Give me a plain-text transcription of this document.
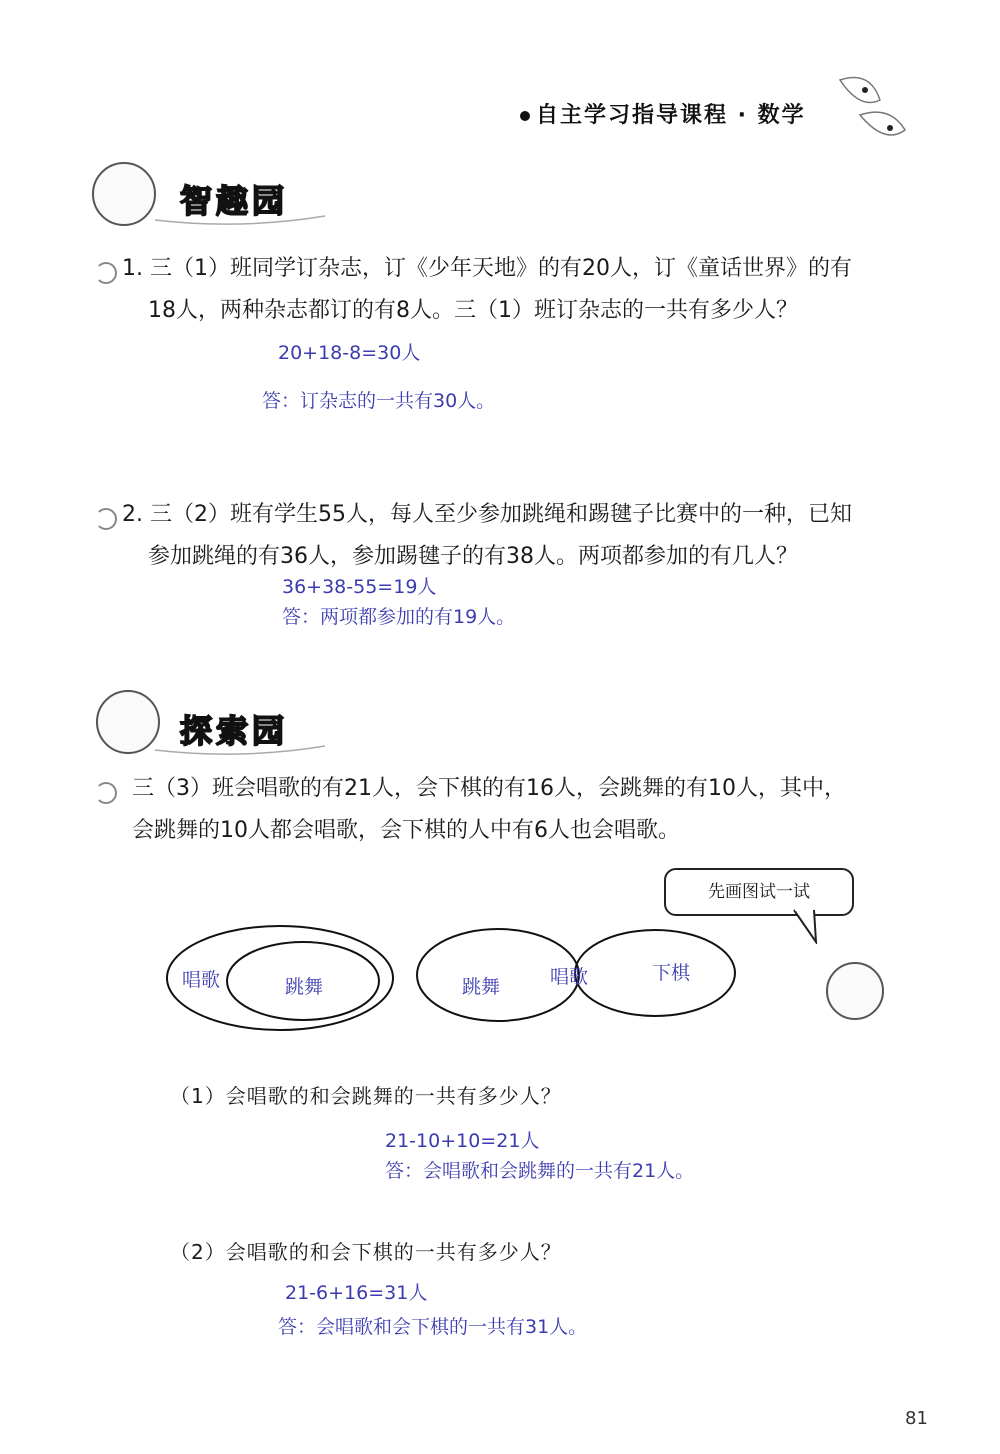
自主学习指导课程 · 数学
智趣园
1. 三（1）班同学订杂志，订《少年天地》的有20人，订《童话世界》的有
18人，两种杂志都订的有8人。三（1）班订杂志的一共有多少人？
20+18-8=30人
答：订杂志的一共有30人。
2. 三（2）班有学生55人，每人至少参加跳绳和踢毽子比赛中的一种，已知
参加跳绳的有36人，参加踢毽子的有38人。两项都参加的有几人？
36+38-55=19人
答：两项都参加的有19人。
探索园
三（3）班会唱歌的有21人，会下棋的有16人，会跳舞的有10人，其中，
会跳舞的10人都会唱歌，会下棋的人中有6人也会唱歌。
先画图试一试
唱歌	跳舞	跳舞	唱歌	下棋
（1）会唱歌的和会跳舞的一共有多少人？
21-10+10=21人
答：会唱歌和会跳舞的一共有21人。
（2）会唱歌的和会下棋的一共有多少人？
21-6+16=31人
答：会唱歌和会下棋的一共有31人。
81
